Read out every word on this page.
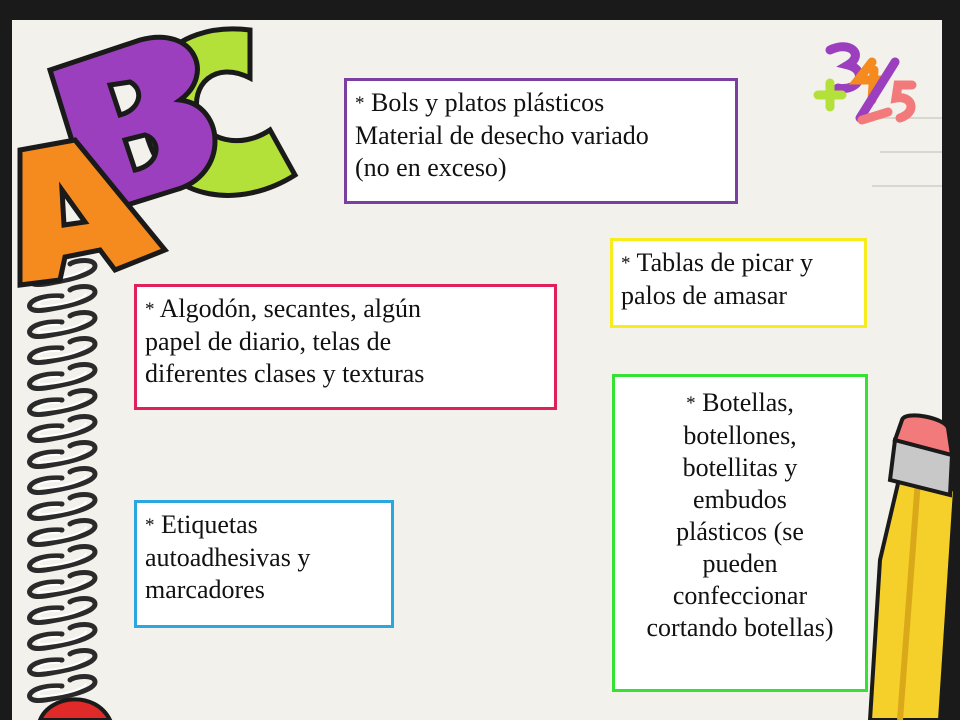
* Bols y platos plásticos

Material de desecho variado

(no en exceso)

* Tablas de picar y

palos de amasar

* Algodón, secantes, algún

papel de diario, telas de

diferentes clases y texturas

* Botellas,

botellones,

botellitas y

embudos

plásticos (se

pueden

confeccionar

cortando botellas)

* Etiquetas

autoadhesivas y

marcadores
